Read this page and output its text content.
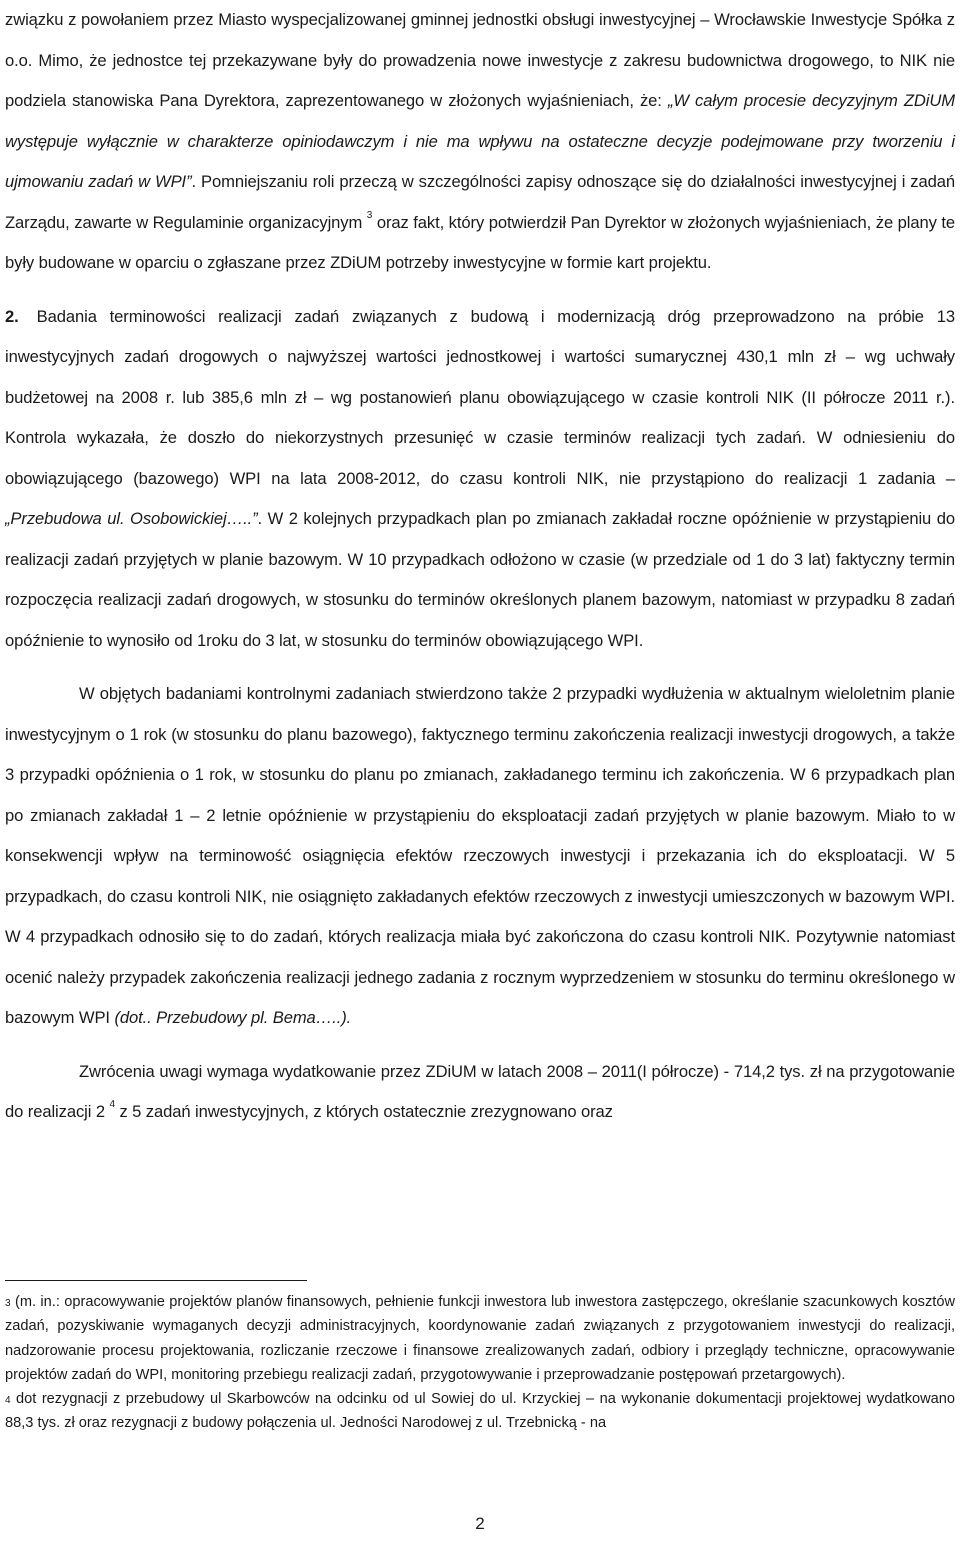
związku z powołaniem przez Miasto wyspecjalizowanej gminnej jednostki obsługi inwestycyjnej – Wrocławskie Inwestycje Spółka z o.o. Mimo, że jednostce tej przekazywane były do prowadzenia nowe inwestycje z zakresu budownictwa drogowego, to NIK nie podziela stanowiska Pana Dyrektora, zaprezentowanego w złożonych wyjaśnieniach, że: „W całym procesie decyzyjnym ZDiUM występuje wyłącznie w charakterze opiniodawczym i nie ma wpływu na ostateczne decyzje podejmowane przy tworzeniu i ujmowaniu zadań w WPI”. Pomniejszaniu roli przeczą w szczególności zapisy odnoszące się do działalności inwestycyjnej i zadań Zarządu, zawarte w Regulaminie organizacyjnym $^3$ oraz fakt, który potwierdził Pan Dyrektor w złożonych wyjaśnieniach, że plany te były budowane w oparciu o zgłaszane przez ZDiUM potrzeby inwestycyjne w formie kart projektu.

2. Badania terminowości realizacji zadań związanych z budową i modernizacją dróg przeprowadzono na próbie 13 inwestycyjnych zadań drogowych o najwyższej wartości jednostkowej i wartości sumarycznej 430,1 mln zł – wg uchwały budżetowej na 2008 r. lub 385,6 mln zł – wg postanowień planu obowiązującego w czasie kontroli NIK (II półrocze 2011 r.). Kontrola wykazała, że doszło do niekorzystnych przesunięć w czasie terminów realizacji tych zadań. W odniesieniu do obowiązującego (bazowego) WPI na lata 2008-2012, do czasu kontroli NIK, nie przystąpiono do realizacji 1 zadania – „Przebudowa ul. Osobowickiej…..”. W 2 kolejnych przypadkach plan po zmianach zakładał roczne opóźnienie w przystąpieniu do realizacji zadań przyjętych w planie bazowym. W 10 przypadkach odłożono w czasie (w przedziale od 1 do 3 lat) faktyczny termin rozpoczęcia realizacji zadań drogowych, w stosunku do terminów określonych planem bazowym, natomiast w przypadku 8 zadań opóźnienie to wynosiło od 1roku do 3 lat, w stosunku do terminów obowiązującego WPI.

W objętych badaniami kontrolnymi zadaniach stwierdzono także 2 przypadki wydłużenia w aktualnym wieloletnim planie inwestycyjnym o 1 rok (w stosunku do planu bazowego), faktycznego terminu zakończenia realizacji inwestycji drogowych, a także 3 przypadki opóźnienia o 1 rok, w stosunku do planu po zmianach, zakładanego terminu ich zakończenia. W 6 przypadkach plan po zmianach zakładał 1 – 2 letnie opóźnienie w przystąpieniu do eksploatacji zadań przyjętych w planie bazowym. Miało to w konsekwencji wpływ na terminowość osiągnięcia efektów rzeczowych inwestycji i przekazania ich do eksploatacji. W 5 przypadkach, do czasu kontroli NIK, nie osiągnięto zakładanych efektów rzeczowych z inwestycji umieszczonych w bazowym WPI. W 4 przypadkach odnosiło się to do zadań, których realizacja miała być zakończona do czasu kontroli NIK. Pozytywnie natomiast ocenić należy przypadek zakończenia realizacji jednego zadania z rocznym wyprzedzeniem w stosunku do terminu określonego w bazowym WPI (dot.. Przebudowy pl. Bema…..).

Zwrócenia uwagi wymaga wydatkowanie przez ZDiUM w latach 2008 – 2011(I półrocze) - 714,2 tys. zł na przygotowanie do realizacji 2 $^4$ z 5 zadań inwestycyjnych, z których ostatecznie zrezygnowano oraz

$^3$ (m. in.: opracowywanie projektów planów finansowych, pełnienie funkcji inwestora lub inwestora zastępczego, określanie szacunkowych kosztów zadań, pozyskiwanie wymaganych decyzji administracyjnych, koordynowanie zadań związanych z przygotowaniem inwestycji do realizacji, nadzorowanie procesu projektowania, rozliczanie rzeczowe i finansowe zrealizowanych zadań, odbiory i przeglądy techniczne, opracowywanie projektów zadań do WPI, monitoring przebiegu realizacji zadań, przygotowywanie i przeprowadzanie postępowań przetargowych).

$^4$ dot rezygnacji z przebudowy ul Skarbowców na odcinku od ul Sowiej do ul. Krzyckiej – na wykonanie dokumentacji projektowej wydatkowano 88,3 tys. zł oraz rezygnacji z budowy połączenia ul. Jedności Narodowej z ul. Trzebnicką - na

2
